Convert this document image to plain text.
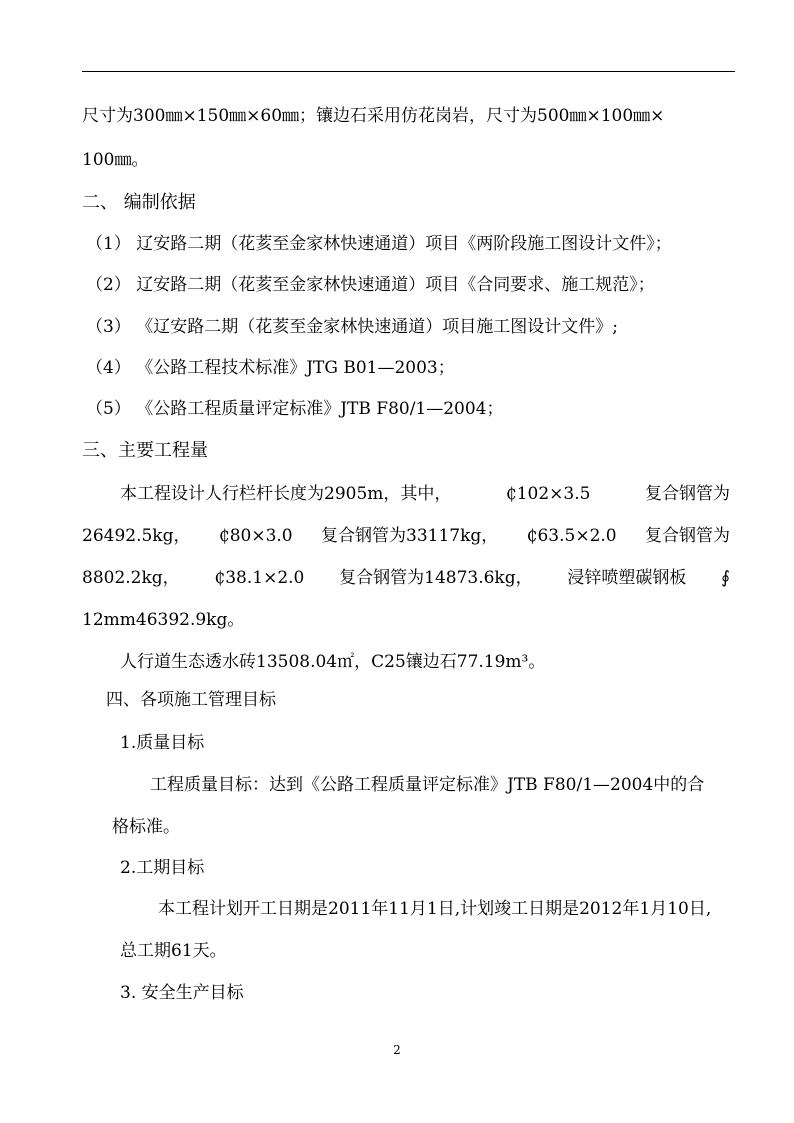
尺寸为300㎜×150㎜×60㎜；镶边石采用仿花岗岩，尺寸为500㎜×100㎜×
100㎜。
二、 编制依据
（1） 辽安路二期（花荄至金家林快速通道）项目《两阶段施工图设计文件》；
（2） 辽安路二期（花荄至金家林快速通道）项目《合同要求、施工规范》；
（3） 《辽安路二期（花荄至金家林快速通道）项目施工图设计文件》;
（4） 《公路工程技术标准》JTG B01—2003；
（5） 《公路工程质量评定标准》JTB F80/1—2004；
三、主要工程量
本工程设计人行栏杆长度为2905m，其中，	₵102×3.5	复合钢管为
26492.5kg， ₵80×3.0 复合钢管为33117kg， ₵63.5×2.0 复合钢管为
8802.2kg， ₵38.1×2.0 复合钢管为14873.6kg， 浸锌喷塑碳钢板 ∮
12mm46392.9kg。
人行道生态透水砖13508.04㎡，C25镶边石77.19m³。
四、各项施工管理目标
1.质量目标
工程质量目标：达到《公路工程质量评定标准》JTB F80/1—2004中的合
格标准。
2.工期目标
本工程计划开工日期是2011年11月1日,计划竣工日期是2012年1月10日,
总工期61天。
3. 安全生产目标
2
